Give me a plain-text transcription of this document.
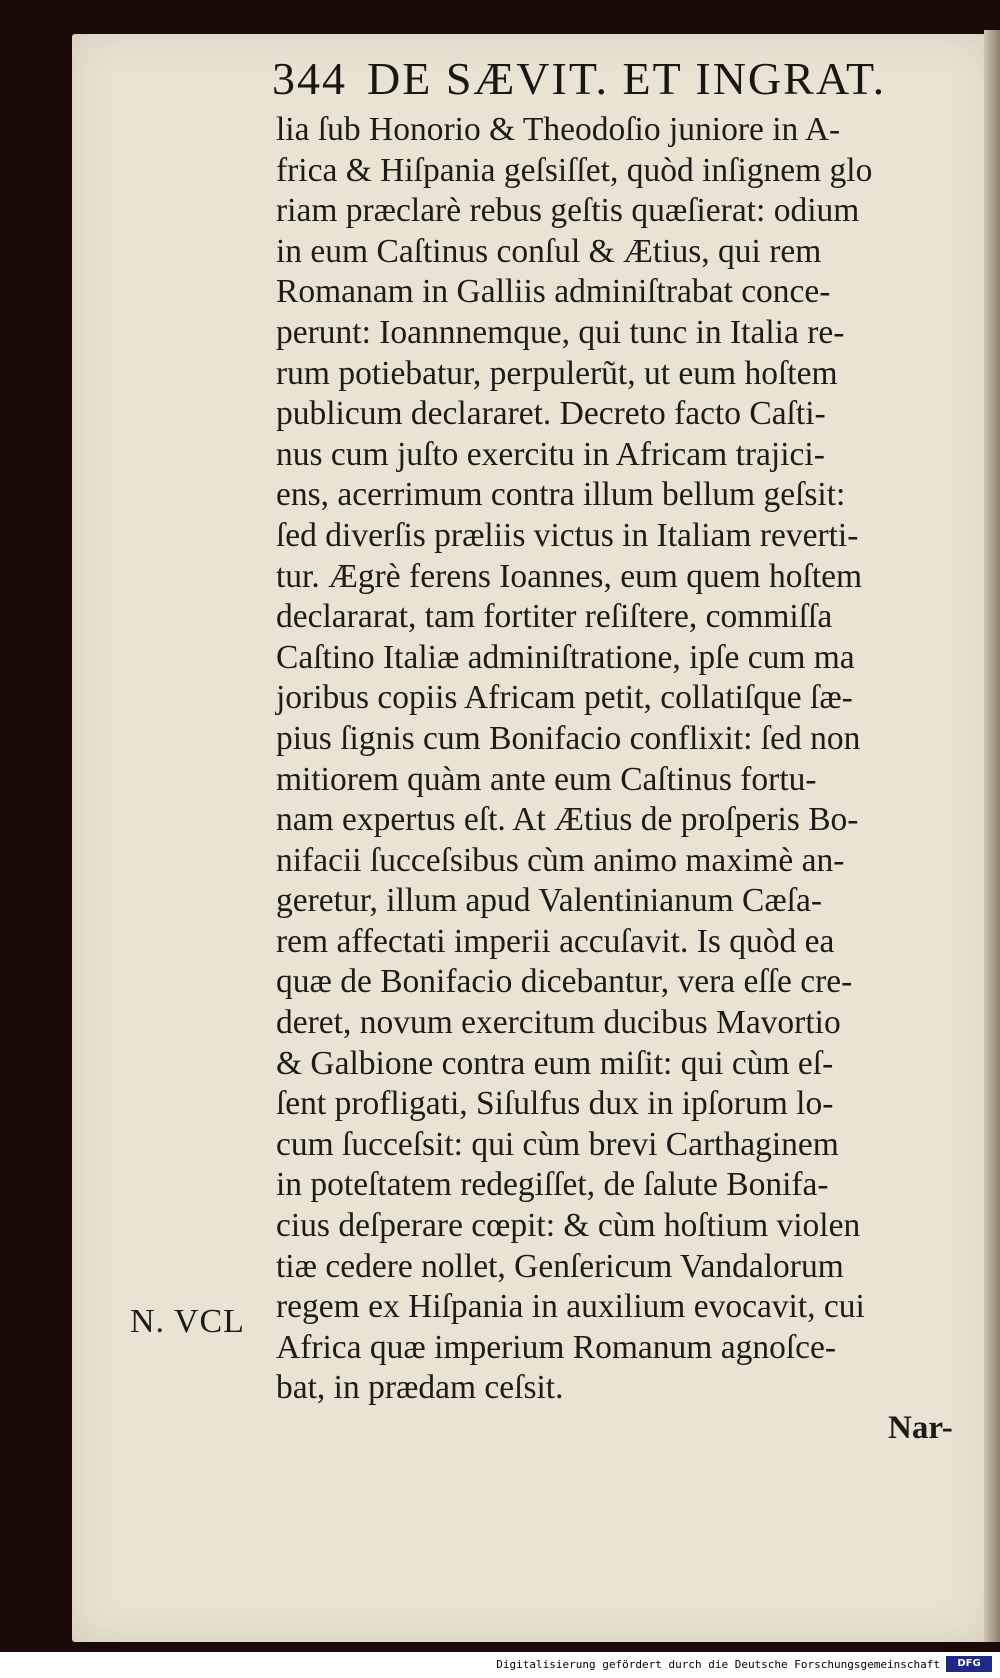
344 DE SÆVIT. ET INGRAT.
lia ſub Honorio & Theodoſio juniore in A-
frica & Hiſpania geſsiſſet, quòd inſignem glo
riam præclarè rebus geſtis quæſierat: odium
in eum Caſtinus conſul & Ætius, qui rem
Romanam in Galliis adminiſtrabat conce-
perunt: Ioannnemque, qui tunc in Italia re-
rum potiebatur, perpulerũt, ut eum hoſtem
publicum declararet. Decreto facto Caſti-
nus cum juſto exercitu in Africam trajici-
ens, acerrimum contra illum bellum geſsit:
ſed diverſis præliis victus in Italiam reverti-
tur. Ægrè ferens Ioannes, eum quem hoſtem
declararat, tam fortiter reſiſtere, commiſſa
Caſtino Italiæ adminiſtratione, ipſe cum ma
joribus copiis Africam petit, collatiſque ſæ-
pius ſignis cum Bonifacio conflixit: ſed non
mitiorem quàm ante eum Caſtinus fortu-
nam expertus eſt. At Ætius de proſperis Bo-
nifacii ſucceſsibus cùm animo maximè an-
geretur, illum apud Valentinianum Cæſa-
rem affectati imperii accuſavit. Is quòd ea
quæ de Bonifacio dicebantur, vera eſſe cre-
deret, novum exercitum ducibus Mavortio
& Galbione contra eum miſit: qui cùm eſ-
ſent profligati, Siſulfus dux in ipſorum lo-
cum ſucceſsit: qui cùm brevi Carthaginem
in poteſtatem redegiſſet, de ſalute Bonifa-
cius deſperare cœpit: & cùm hoſtium violen
tiæ cedere nollet, Genſericum Vandalorum
regem ex Hiſpania in auxilium evocavit, cui
Africa quæ imperium Romanum agnoſce-
bat, in prædam ceſsit.
N. VCL
Nar-
Digitalisierung gefördert durch die Deutsche Forschungsgemeinschaft	DFG
